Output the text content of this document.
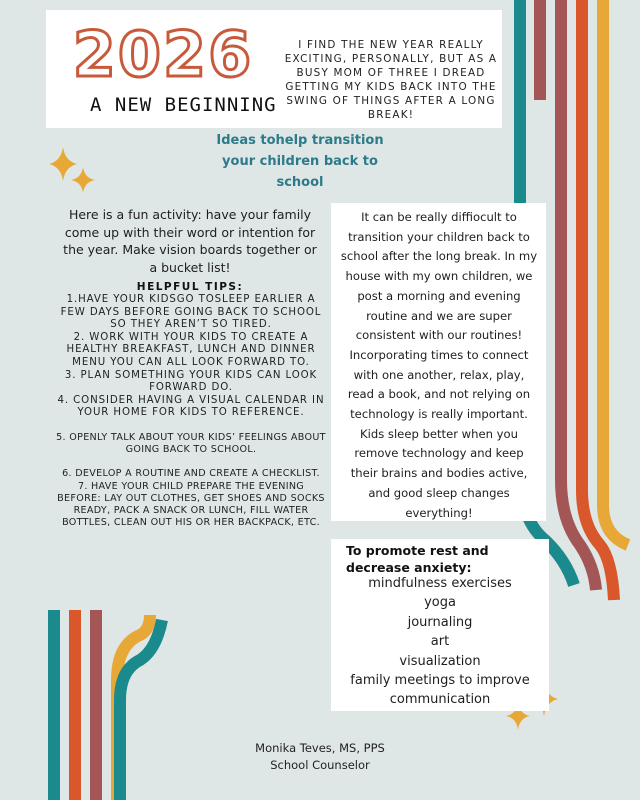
2026
A NEW BEGINNING
I FIND THE NEW YEAR REALLY EXCITING, PERSONALLY, BUT AS A BUSY MOM OF THREE I DREAD GETTING MY KIDS BACK INTO THE SWING OF THINGS AFTER A LONG BREAK!
Ideas tohelp transition
your children back to
school
Here is a fun activity: have your family come up with their word or intention for the year. Make vision boards together or a bucket list!
HELPFUL TIPS:
1.HAVE YOUR KIDSGO TOSLEEP EARLIER A FEW DAYS BEFORE GOING BACK TO SCHOOL SO THEY AREN’T SO TIRED.
2. WORK WITH YOUR KIDS TO CREATE A HEALTHY BREAKFAST, LUNCH AND DINNER MENU YOU CAN ALL LOOK FORWARD TO.
3. PLAN SOMETHING YOUR KIDS CAN LOOK FORWARD DO.
4. CONSIDER HAVING A VISUAL CALENDAR IN YOUR HOME FOR KIDS TO REFERENCE.
5. OPENLY TALK ABOUT YOUR KIDS’ FEELINGS ABOUT GOING BACK TO SCHOOL.
6. DEVELOP A ROUTINE AND CREATE A CHECKLIST.
7. HAVE YOUR CHILD PREPARE THE EVENING BEFORE: LAY OUT CLOTHES, GET SHOES AND SOCKS READY, PACK A SNACK OR LUNCH, FILL WATER BOTTLES, CLEAN OUT HIS OR HER BACKPACK, ETC.
It can be really diffiocult to transition your children back to school after the long break. In my house with my own children, we post a morning and evening routine and we are super consistent with our routines! Incorporating times to connect with one another, relax, play, read a book, and not relying on technology is really important. Kids sleep better when you remove technology and keep their brains and bodies active, and good sleep changes everything!
To promote rest and decrease anxiety:
mindfulness exercises
yoga
journaling
art
visualization
family meetings to improve communication
Monika Teves, MS, PPS
School Counselor
